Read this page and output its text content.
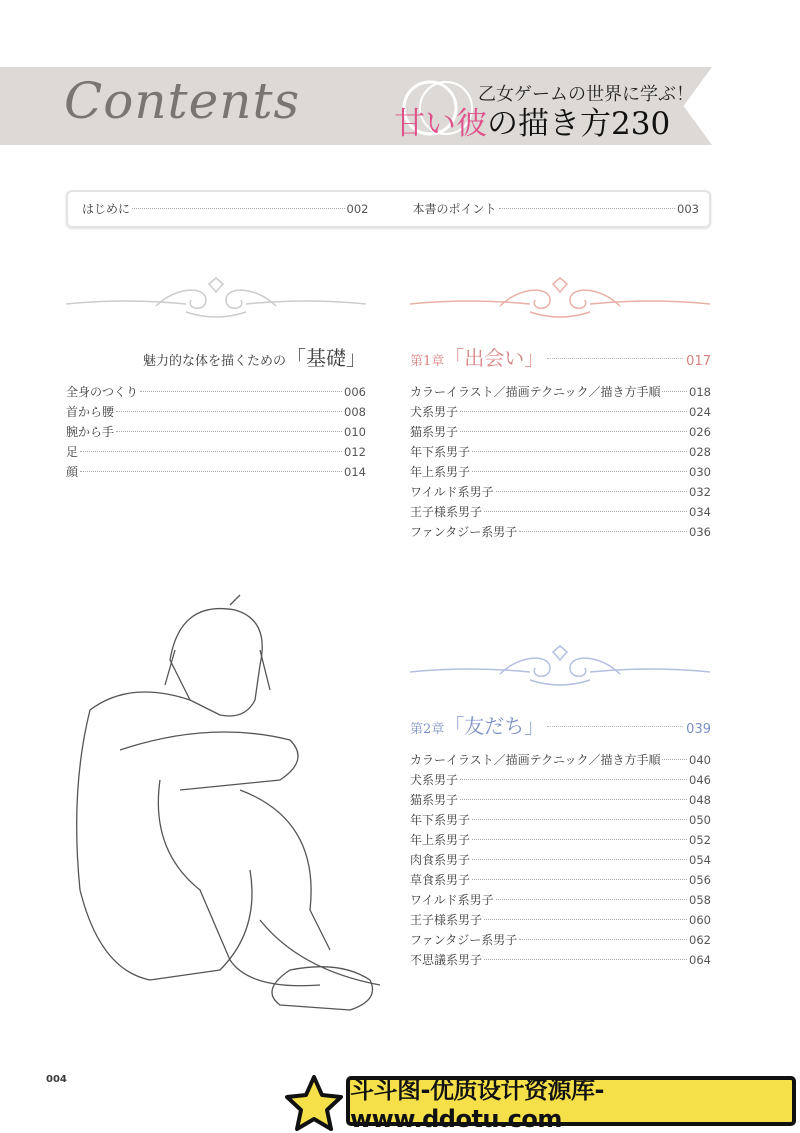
Contents	乙女ゲームの世界に学ぶ！
甘い彼の描き方230
はじめに	002	本書のポイント	003
魅力的な体を描くための 「基礎」
全身のつくり	006
首から腰	008
腕から手	010
足	012
顔	014
第1章 「出会い」	017
カラーイラスト／描画テクニック／描き方手順 018
犬系男子	024
猫系男子	026
年下系男子	028
年上系男子	030
ワイルド系男子	032
王子様系男子	034
ファンタジー系男子	036
第2章 「友だち」	039
カラーイラスト／描画テクニック／描き方手順 040
犬系男子	046
猫系男子	048
年下系男子	050
年上系男子	052
肉食系男子	054
草食系男子	056
ワイルド系男子	058
王子様系男子	060
ファンタジー系男子	062
不思議系男子	064
004	斗斗图-优质设计资源库-www.ddotu.com
